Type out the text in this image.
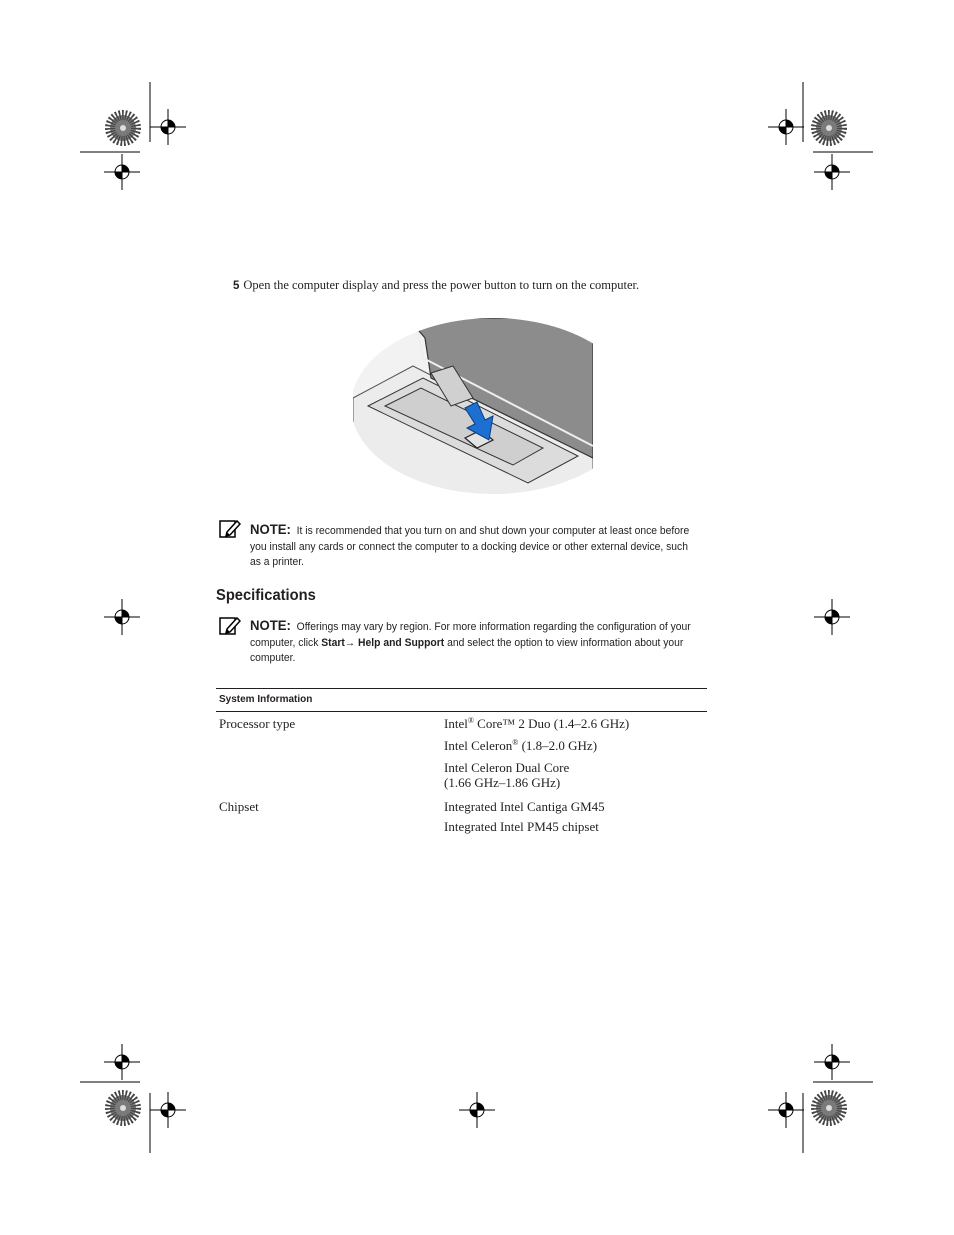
5 Open the computer display and press the power button to turn on the computer.
NOTE: It is recommended that you turn on and shut down your computer at least once before you install any cards or connect the computer to a docking device or other external device, such as a printer.
Specifications
NOTE: Offerings may vary by region. For more information regarding the configuration of your computer, click Start→ Help and Support and select the option to view information about your computer.
System Information
Processor type	Intel® Core™ 2 Duo (1.4–2.6 GHz)
Intel Celeron® (1.8–2.0 GHz)
Intel Celeron Dual Core
(1.66 GHz–1.86 GHz)
Chipset	Integrated Intel Cantiga GM45
Integrated Intel PM45 chipset
